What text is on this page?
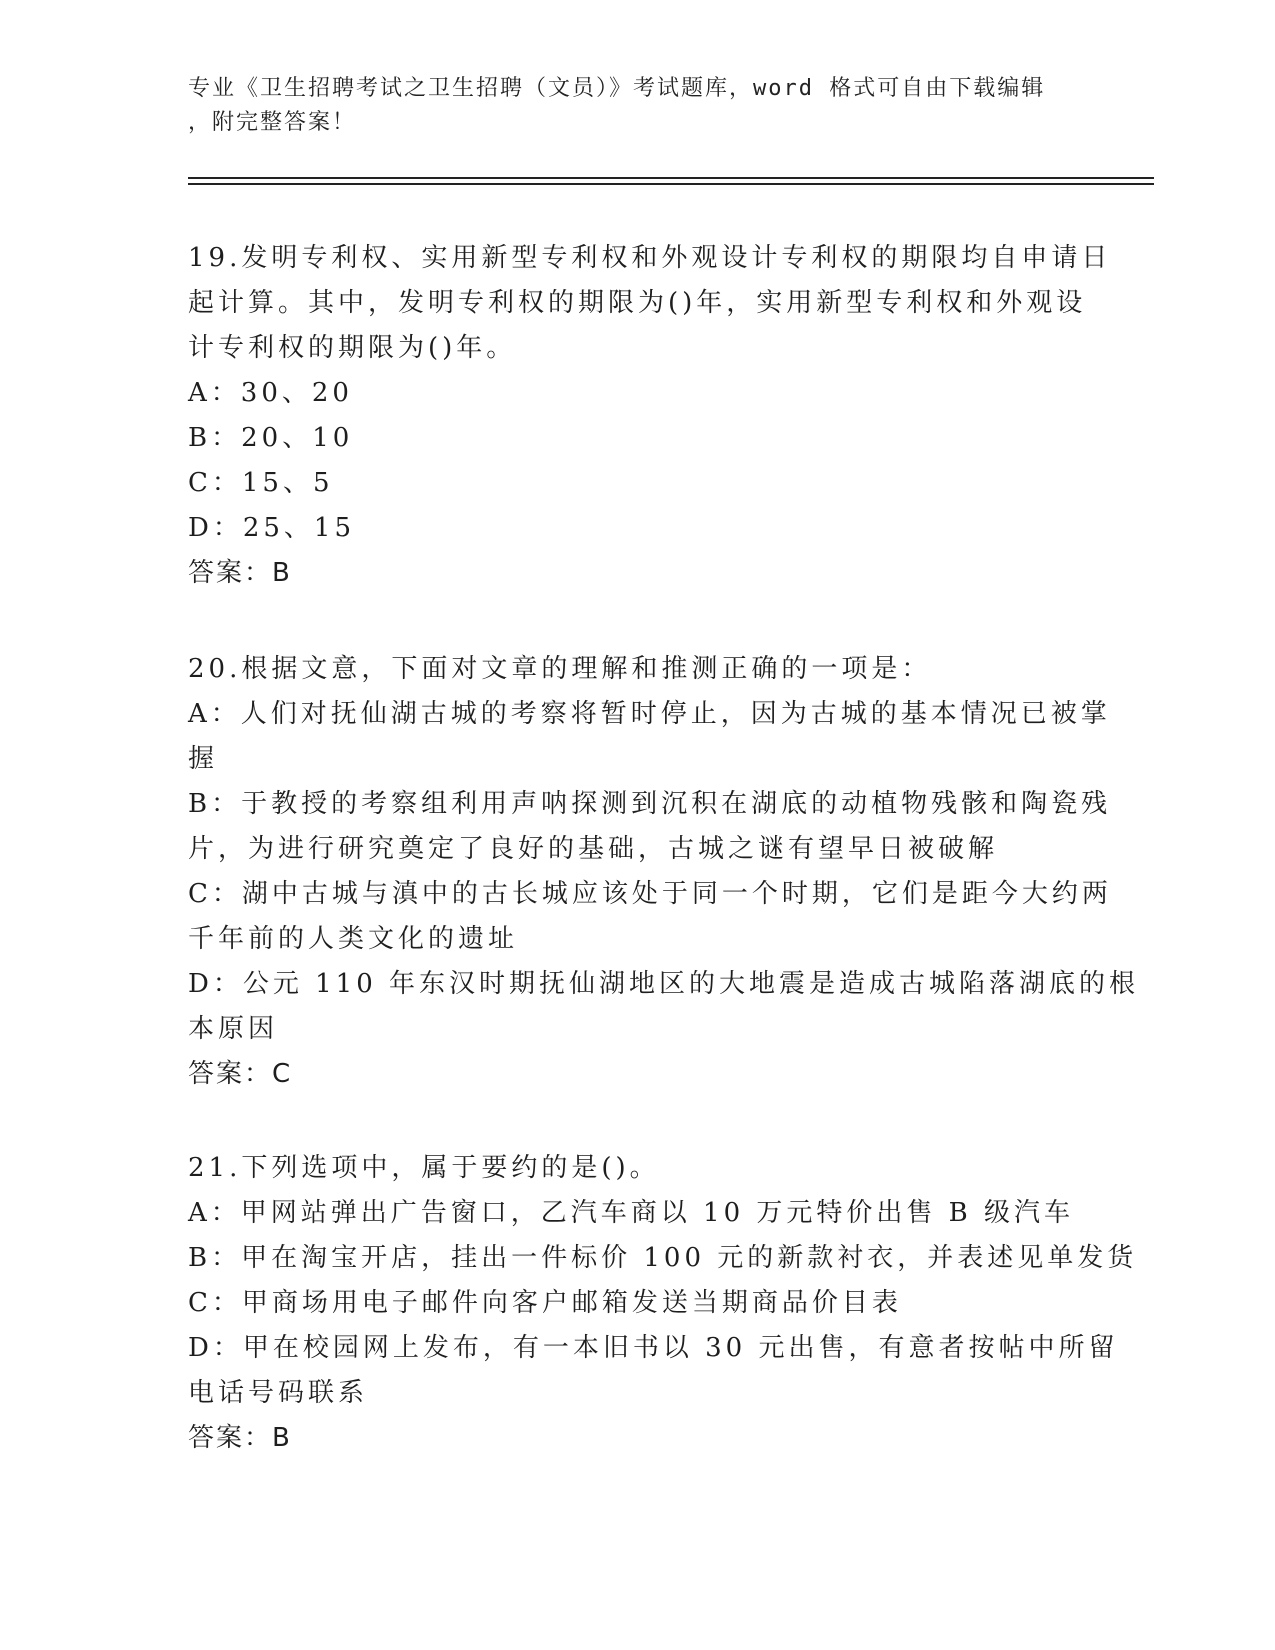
专业《卫生招聘考试之卫生招聘（文员）》考试题库，word 格式可自由下载编辑
，附完整答案！
19.发明专利权、实用新型专利权和外观设计专利权的期限均自申请日
起计算。其中，发明专利权的期限为()年，实用新型专利权和外观设
计专利权的期限为()年。
A：30、20
B：20、10
C：15、5
D：25、15
答案：B
20.根据文意，下面对文章的理解和推测正确的一项是：
A：人们对抚仙湖古城的考察将暂时停止，因为古城的基本情况已被掌
握
B：于教授的考察组利用声呐探测到沉积在湖底的动植物残骸和陶瓷残
片，为进行研究奠定了良好的基础，古城之谜有望早日被破解
C：湖中古城与滇中的古长城应该处于同一个时期，它们是距今大约两
千年前的人类文化的遗址
D：公元 110 年东汉时期抚仙湖地区的大地震是造成古城陷落湖底的根
本原因
答案：C
21.下列选项中，属于要约的是()。
A：甲网站弹出广告窗口，乙汽车商以 10 万元特价出售 B 级汽车
B：甲在淘宝开店，挂出一件标价 100 元的新款衬衣，并表述见单发货
C：甲商场用电子邮件向客户邮箱发送当期商品价目表
D：甲在校园网上发布，有一本旧书以 30 元出售，有意者按帖中所留
电话号码联系
答案：B
